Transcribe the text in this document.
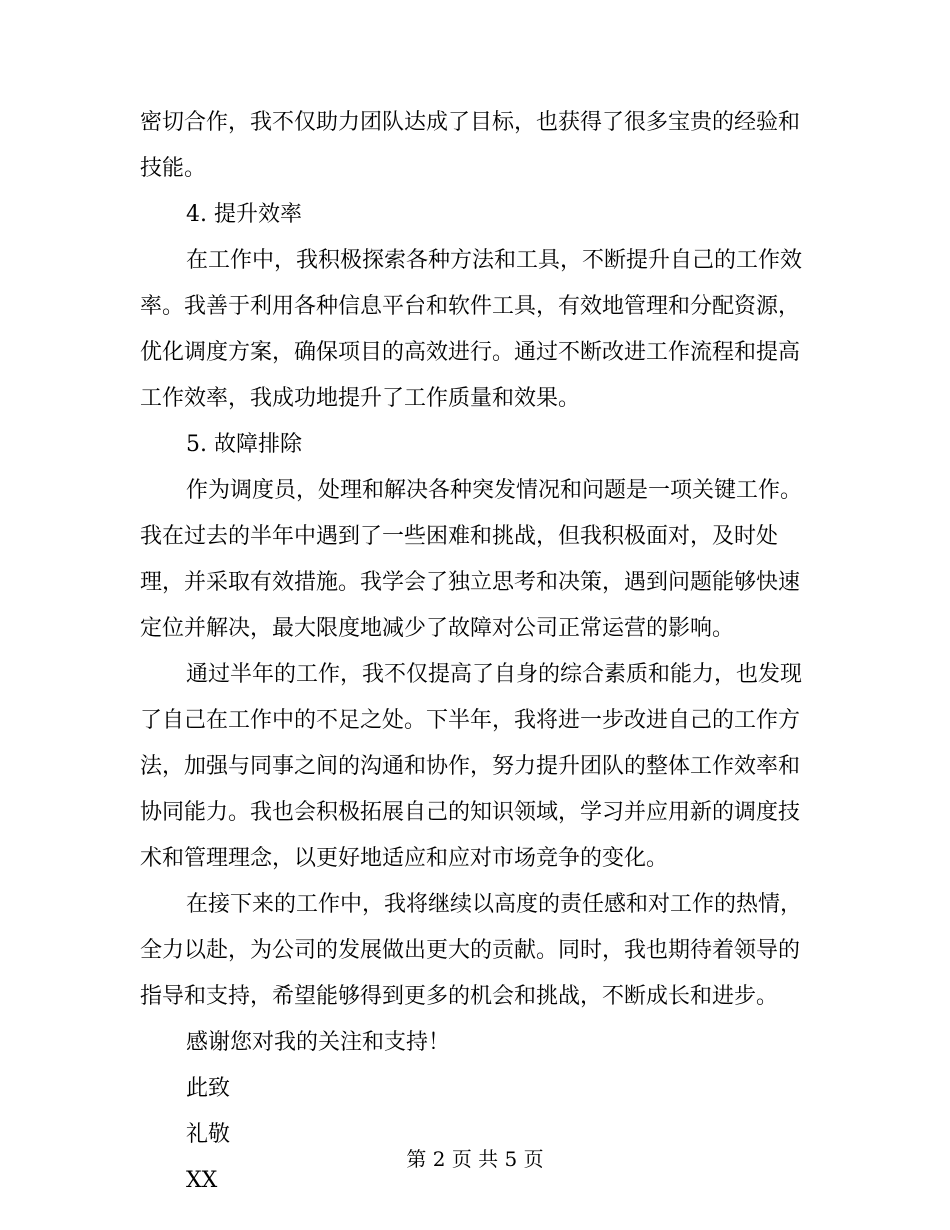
密切合作，我不仅助力团队达成了目标，也获得了很多宝贵的经验和
技能。
4. 提升效率
在工作中，我积极探索各种方法和工具，不断提升自己的工作效
率。我善于利用各种信息平台和软件工具，有效地管理和分配资源，
优化调度方案，确保项目的高效进行。通过不断改进工作流程和提高
工作效率，我成功地提升了工作质量和效果。
5. 故障排除
作为调度员，处理和解决各种突发情况和问题是一项关键工作。
我在过去的半年中遇到了一些困难和挑战，但我积极面对，及时处
理，并采取有效措施。我学会了独立思考和决策，遇到问题能够快速
定位并解决，最大限度地减少了故障对公司正常运营的影响。
通过半年的工作，我不仅提高了自身的综合素质和能力，也发现
了自己在工作中的不足之处。下半年，我将进一步改进自己的工作方
法，加强与同事之间的沟通和协作，努力提升团队的整体工作效率和
协同能力。我也会积极拓展自己的知识领域，学习并应用新的调度技
术和管理理念，以更好地适应和应对市场竞争的变化。
在接下来的工作中，我将继续以高度的责任感和对工作的热情，
全力以赴，为公司的发展做出更大的贡献。同时，我也期待着领导的
指导和支持，希望能够得到更多的机会和挑战，不断成长和进步。
感谢您对我的关注和支持！
此致
礼敬
XX
第 2 页 共 5 页
